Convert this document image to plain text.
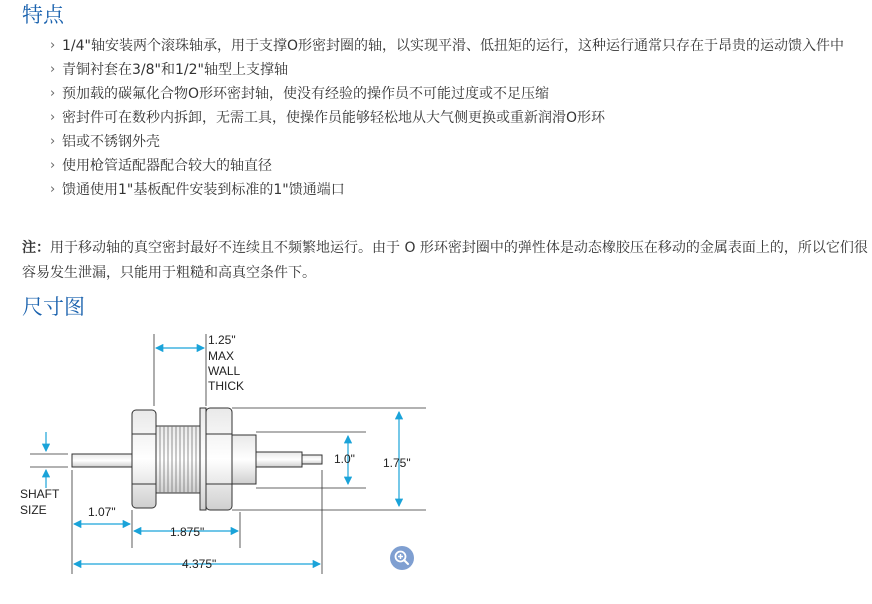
特点
› 1/4"轴安装两个滚珠轴承，用于支撑O形密封圈的轴，以实现平滑、低扭矩的运行，这种运行通常只存在于昂贵的运动馈入件中
› 青铜衬套在3/8"和1/2"轴型上支撑轴
› 预加载的碳氟化合物O形环密封轴，使没有经验的操作员不可能过度或不足压缩
› 密封件可在数秒内拆卸，无需工具，使操作员能够轻松地从大气侧更换或重新润滑O形环
› 铝或不锈钢外壳
› 使用枪管适配器配合较大的轴直径
› 馈通使用1"基板配件安装到标准的1"馈通端口

注：用于移动轴的真空密封最好不连续且不频繁地运行。由于 O 形环密封圈中的弹性体是动态橡胶压在移动的金属表面上的，所以它们很容易发生泄漏，只能用于粗糙和高真空条件下。

尺寸图
1.25"
MAX
WALL
THICK
1.0" 1.75"
SHAFT
SIZE	1.07"
1.875"
4.375"
